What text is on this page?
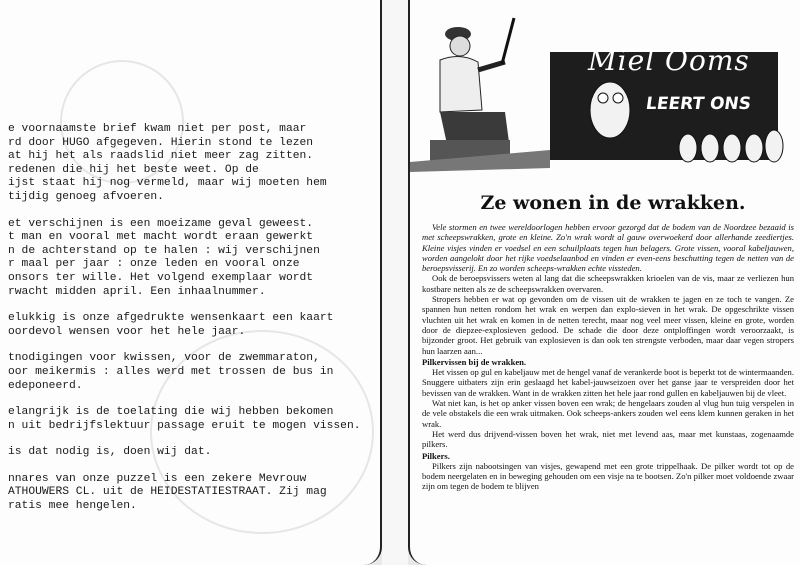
e voornaamste brief kwam niet per post, maar
rd door HUGO afgegeven. Hierin stond te lezen
at hij het als raadslid niet meer zag zitten.
redenen die hij het beste weet. Op de
ijst staat hij nog vermeld, maar wij moeten hem
tijdig genoeg afvoeren.
et verschijnen is een moeizame geval geweest.
t man en vooral met macht wordt eraan gewerkt
n de achterstand op te halen : wij verschijnen
r maal per jaar : onze leden en vooral onze
onsors ter wille. Het volgend exemplaar wordt
rwacht midden april. Een inhaalnummer.
elukkig is onze afgedrukte wensenkaart een kaart
oordevol wensen voor het hele jaar.
tnodigingen voor kwissen, voor de zwemmaraton,
oor meikermis : alles werd met trossen de bus in
edeponeerd.
elangrijk is de toelating die wij hebben bekomen
n uit bedrijfslektuur passage eruit te mogen vissen.
is dat nodig is, doen wij dat.
nnares van onze puzzel is een zekere Mevrouw
ATHOUWERS CL. uit de HEIDESTATIESTRAAT. Zij mag
ratis mee hengelen.
Miel Ooms
LEERT ONS
Ze wonen in de wrakken.

Vele stormen en twee wereldoorlogen hebben ervoor gezorgd dat de bodem van de Noordzee bezaaid is met scheepswrakken, grote en kleine. Zo'n wrak wordt al gauw overwoekerd door allerhande zeediertjes. Kleine visjes vinden er voedsel en een schuilplaats tegen hun belagers. Grote vissen, vooral kabeljauwen, worden aangelokt door het rijke voedselaanbod en vinden er even-eens beschutting tegen de netten van de beroepsvisserij. En zo worden scheeps-wrakken echte vissteden.

Ook de beroepsvissers weten al lang dat die scheepswrakken krioelen van de vis, maar ze verliezen hun kostbare netten als ze de scheepswrakken overvaren.

Stropers hebben er wat op gevonden om de vissen uit de wrakken te jagen en ze toch te vangen. Ze spannen hun netten rondom het wrak en werpen dan explo-sieven in het wrak. De opgeschrikte vissen vluchten uit het wrak en komen in de netten terecht, maar nog veel meer vissen, kleine en grote, worden door de diepzee-explosieven gedood. De schade die door deze ontploffingen wordt veroorzaakt, is bijzonder groot. Het gebruik van explosieven is dan ook ten strengste verboden, maar daar vegen stropers hun laarzen aan...

Pilkervissen bij de wrakken.

Het vissen op gul en kabeljauw met de hengel vanaf de verankerde boot is beperkt tot de wintermaanden. Snuggere uitbaters zijn erin geslaagd het kabel-jauwseizoen over het ganse jaar te verspreiden door het bevissen van de wrakken. Want in de wrakken zitten het hele jaar rond gullen en kabeljauwen bij de vleet.

Wat niet kan, is het op anker vissen boven een wrak; de hengelaars zouden al vlug hun tuig verspelen in de vele obstakels die een wrak uitmaken. Ook scheeps-ankers zouden wel eens klem kunnen geraken in het wrak.

Het werd dus drijvend-vissen boven het wrak, niet met levend aas, maar met kunstaas, zogenaamde pilkers.

Pilkers.

Pilkers zijn nabootsingen van visjes, gewapend met een grote trippelhaak. De pilker wordt tot op de bodem neergelaten en in beweging gehouden om een visje na te bootsen. Zo'n pilker moet voldoende zwaar zijn om tegen de bodem te blijven
